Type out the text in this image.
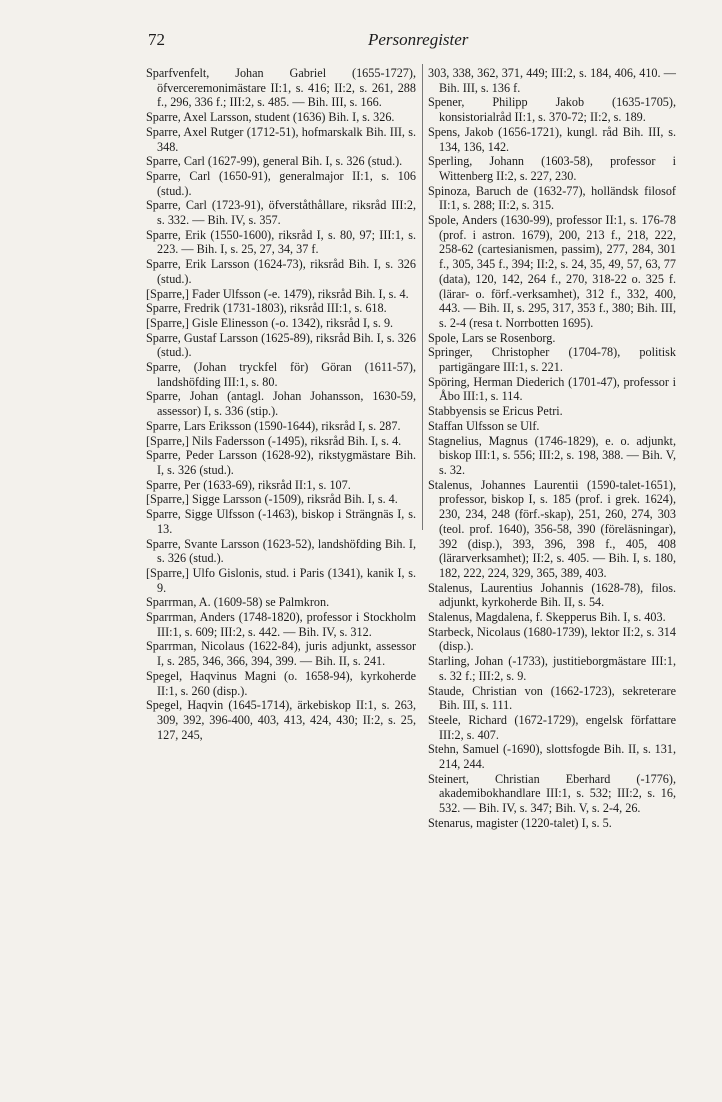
72	Personregister

Sparfvenfelt, Johan Gabriel (1655-1727), öfverceremonimästare II:1, s. 416; II:2, s. 261, 288 f., 296, 336 f.; III:2, s. 485. — Bih. III, s. 166.

Sparre, Axel Larsson, student (1636) Bih. I, s. 326.

Sparre, Axel Rutger (1712-51), hofmarskalk Bih. III, s. 348.

Sparre, Carl (1627-99), general Bih. I, s. 326 (stud.).

Sparre, Carl (1650-91), generalmajor II:1, s. 106 (stud.).

Sparre, Carl (1723-91), öfverståthållare, riksråd III:2, s. 332. — Bih. IV, s. 357.

Sparre, Erik (1550-1600), riksråd I, s. 80, 97; III:1, s. 223. — Bih. I, s. 25, 27, 34, 37 f.

Sparre, Erik Larsson (1624-73), riksråd Bih. I, s. 326 (stud.).

[Sparre,] Fader Ulfsson (-e. 1479), riksråd Bih. I, s. 4.

Sparre, Fredrik (1731-1803), riksråd III:1, s. 618.

[Sparre,] Gisle Elinesson (-o. 1342), riksråd I, s. 9.

Sparre, Gustaf Larsson (1625-89), riksråd Bih. I, s. 326 (stud.).

Sparre, (Johan tryckfel för) Göran (1611-57), landshöfding III:1, s. 80.

Sparre, Johan (antagl. Johan Johansson, 1630-59, assessor) I, s. 336 (stip.).

Sparre, Lars Eriksson (1590-1644), riksråd I, s. 287.

[Sparre,] Nils Fadersson (-1495), riksråd Bih. I, s. 4.

Sparre, Peder Larsson (1628-92), rikstygmästare Bih. I, s. 326 (stud.).

Sparre, Per (1633-69), riksråd II:1, s. 107.

[Sparre,] Sigge Larsson (-1509), riksråd Bih. I, s. 4.

Sparre, Sigge Ulfsson (-1463), biskop i Strängnäs I, s. 13.

Sparre, Svante Larsson (1623-52), landshöfding Bih. I, s. 326 (stud.).

[Sparre,] Ulfo Gislonis, stud. i Paris (1341), kanik I, s. 9.

Sparrman, A. (1609-58) se Palmkron.

Sparrman, Anders (1748-1820), professor i Stockholm III:1, s. 609; III:2, s. 442. — Bih. IV, s. 312.

Sparrman, Nicolaus (1622-84), juris adjunkt, assessor I, s. 285, 346, 366, 394, 399. — Bih. II, s. 241.

Spegel, Haqvinus Magni (o. 1658-94), kyrkoherde II:1, s. 260 (disp.).

Spegel, Haqvin (1645-1714), ärkebiskop II:1, s. 263, 309, 392, 396-400, 403, 413, 424, 430; II:2, s. 25, 127, 245,

303, 338, 362, 371, 449; III:2, s. 184, 406, 410. — Bih. III, s. 136 f.

Spener, Philipp Jakob (1635-1705), konsistorialråd II:1, s. 370-72; II:2, s. 189.

Spens, Jakob (1656-1721), kungl. råd Bih. III, s. 134, 136, 142.

Sperling, Johann (1603-58), professor i Wittenberg II:2, s. 227, 230.

Spinoza, Baruch de (1632-77), holländsk filosof II:1, s. 288; II:2, s. 315.

Spole, Anders (1630-99), professor II:1, s. 176-78 (prof. i astron. 1679), 200, 213 f., 218, 222, 258-62 (cartesianismen, passim), 277, 284, 301 f., 305, 345 f., 394; II:2, s. 24, 35, 49, 57, 63, 77 (data), 120, 142, 264 f., 270, 318-22 o. 325 f. (lärar- o. förf.-verksamhet), 312 f., 332, 400, 443. — Bih. II, s. 295, 317, 353 f., 380; Bih. III, s. 2-4 (resa t. Norrbotten 1695).

Spole, Lars se Rosenborg.

Springer, Christopher (1704-78), politisk partigängare III:1, s. 221.

Spöring, Herman Diederich (1701-47), professor i Åbo III:1, s. 114.

Stabbyensis se Ericus Petri.

Staffan Ulfsson se Ulf.

Stagnelius, Magnus (1746-1829), e. o. adjunkt, biskop III:1, s. 556; III:2, s. 198, 388. — Bih. V, s. 32.

Stalenus, Johannes Laurentii (1590-talet-1651), professor, biskop I, s. 185 (prof. i grek. 1624), 230, 234, 248 (förf.-skap), 251, 260, 274, 303 (teol. prof. 1640), 356-58, 390 (föreläsningar), 392 (disp.), 393, 396, 398 f., 405, 408 (lärarverksamhet); II:2, s. 405. — Bih. I, s. 180, 182, 222, 224, 329, 365, 389, 403.

Stalenus, Laurentius Johannis (1628-78), filos. adjunkt, kyrkoherde Bih. II, s. 54.

Stalenus, Magdalena, f. Skepperus Bih. I, s. 403.

Starbeck, Nicolaus (1680-1739), lektor II:2, s. 314 (disp.).

Starling, Johan (-1733), justitieborgmästare III:1, s. 32 f.; III:2, s. 9.

Staude, Christian von (1662-1723), sekreterare Bih. III, s. 111.

Steele, Richard (1672-1729), engelsk författare III:2, s. 407.

Stehn, Samuel (-1690), slottsfogde Bih. II, s. 131, 214, 244.

Steinert, Christian Eberhard (-1776), akademibokhandlare III:1, s. 532; III:2, s. 16, 532. — Bih. IV, s. 347; Bih. V, s. 2-4, 26.

Stenarus, magister (1220-talet) I, s. 5.
